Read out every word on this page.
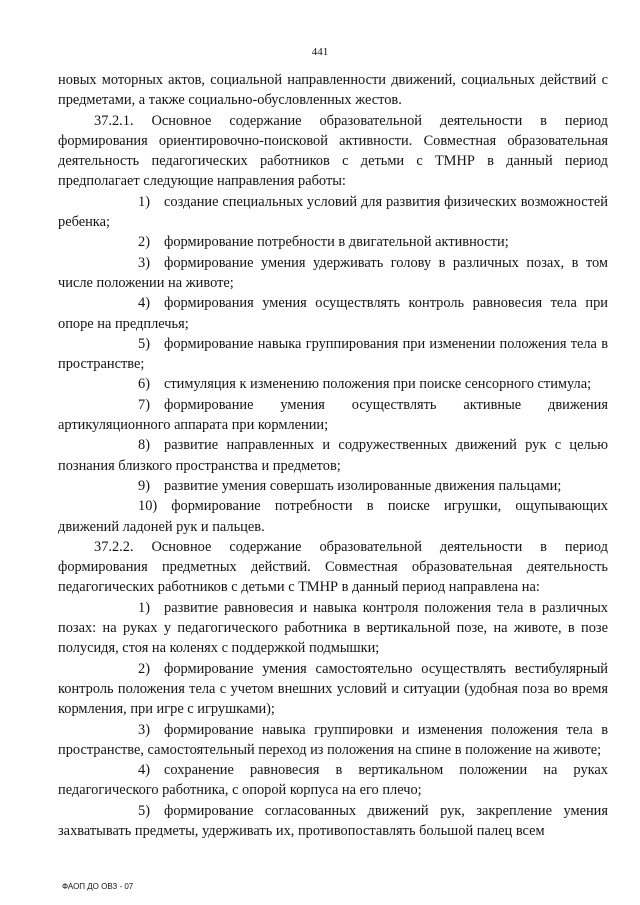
441

новых моторных актов, социальной направленности движений, социальных действий с предметами, а также социально-обусловленных жестов.

37.2.1. Основное содержание образовательной деятельности в период формирования ориентировочно-поисковой активности. Совместная образовательная деятельность педагогических работников с детьми с ТМНР в данный период предполагает следующие направления работы:

1) создание специальных условий для развития физических возможностей ребенка;

2) формирование потребности в двигательной активности;

3) формирование умения удерживать голову в различных позах, в том числе положении на животе;

4) формирования умения осуществлять контроль равновесия тела при опоре на предплечья;

5) формирование навыка группирования при изменении положения тела в пространстве;

6) стимуляция к изменению положения при поиске сенсорного стимула;

7) формирование умения осуществлять активные движения артикуляционного аппарата при кормлении;

8) развитие направленных и содружественных движений рук с целью познания близкого пространства и предметов;

9) развитие умения совершать изолированные движения пальцами;

10) формирование потребности в поиске игрушки, ощупывающих движений ладоней рук и пальцев.

37.2.2. Основное содержание образовательной деятельности в период формирования предметных действий. Совместная образовательная деятельность педагогических работников с детьми с ТМНР в данный период направлена на:

1) развитие равновесия и навыка контроля положения тела в различных позах: на руках у педагогического работника в вертикальной позе, на животе, в позе полусидя, стоя на коленях с поддержкой подмышки;

2) формирование умения самостоятельно осуществлять вестибулярный контроль положения тела с учетом внешних условий и ситуации (удобная поза во время кормления, при игре с игрушками);

3) формирование навыка группировки и изменения положения тела в пространстве, самостоятельный переход из положения на спине в положение на животе;

4) сохранение равновесия в вертикальном положении на руках педагогического работника, с опорой корпуса на его плечо;

5) формирование согласованных движений рук, закрепление умения захватывать предметы, удерживать их, противопоставлять большой палец всем

ФАОП ДО ОВЗ - 07
